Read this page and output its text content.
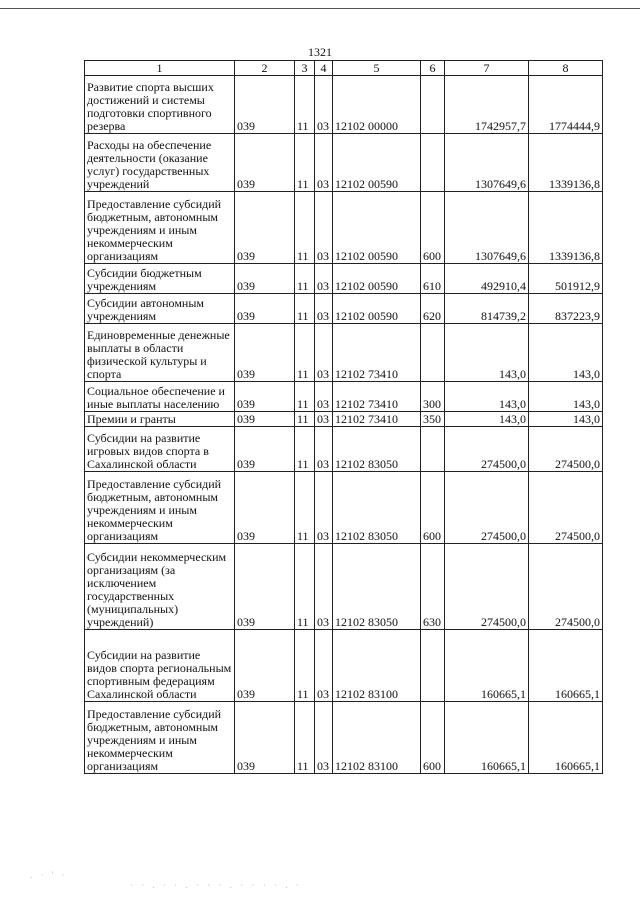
1321
1	2	3	4	5	6	7	8
Развитие спорта высших достижений и системы подготовки спортивного резерва	039	11	03	12102 00000		1742957,7	1774444,9
Расходы на обеспечение деятельности (оказание услуг) государственных учреждений	039	11	03	12102 00590		1307649,6	1339136,8
Предоставление субсидий бюджетным, автономным учреждениям и иным некоммерческим организациям	039	11	03	12102 00590	600	1307649,6	1339136,8
Субсидии бюджетным учреждениям	039	11	03	12102 00590	610	492910,4	501912,9
Субсидии автономным учреждениям	039	11	03	12102 00590	620	814739,2	837223,9
Единовременные денежные выплаты в области физической культуры и спорта	039	11	03	12102 73410		143,0	143,0
Социальное обеспечение и иные выплаты населению	039	11	03	12102 73410	300	143,0	143,0
Премии и гранты	039	11	03	12102 73410	350	143,0	143,0
Субсидии на развитие игровых видов спорта в Сахалинской области	039	11	03	12102 83050		274500,0	274500,0
Предоставление субсидий бюджетным, автономным учреждениям и иным некоммерческим организациям	039	11	03	12102 83050	600	274500,0	274500,0
Субсидии некоммерческим организациям (за исключением государственных (муниципальных) учреждений)	039	11	03	12102 83050	630	274500,0	274500,0
Субсидии на развитие видов спорта региональным спортивным федерациям Сахалинской области	039	11	03	12102 83100		160665,1	160665,1
Предоставление субсидий бюджетным, автономным учреждениям и иным некоммерческим организациям	039	11	03	12102 83100	600	160665,1	160665,1
. · ' ·
· · . · · . · · · . · · · · . ·
